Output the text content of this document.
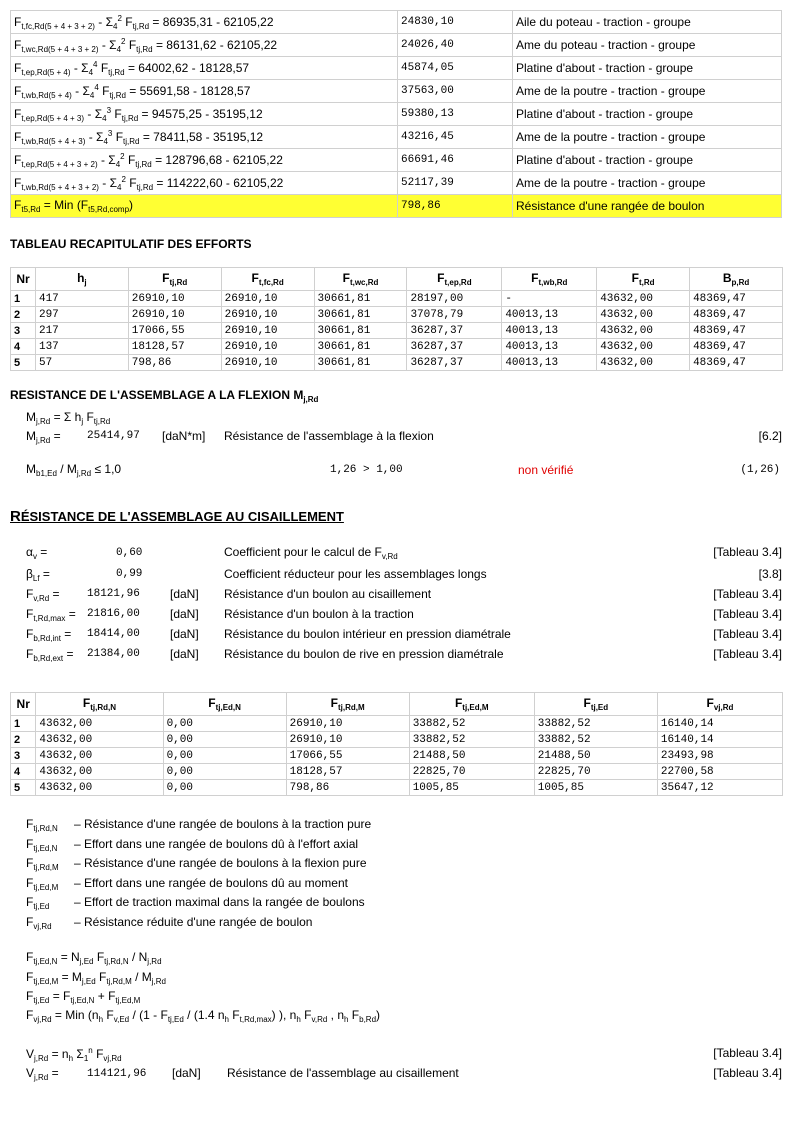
$F_{t,fc,Rd(5 + 4 + 3 + 2)} - \Sigma_4^2$ $F_{tj,Rd} = 86935,31 - 62105,22$	24830,10	Aile du poteau - traction - groupe
$F_{t,wc,Rd(5 + 4 + 3 + 2)} - \Sigma_4^2$ $F_{tj,Rd} = 86131,62 - 62105,22$	24026,40	Ame du poteau - traction - groupe
$F_{t,ep,Rd(5 + 4)} - \Sigma_4^4$ $F_{tj,Rd} = 64002,62 - 18128,57$	45874,05	Platine d'about - traction - groupe
$F_{t,wb,Rd(5 + 4)} - \Sigma_4^4$ $F_{tj,Rd} = 55691,58 - 18128,57$	37563,00	Ame de la poutre - traction - groupe
$F_{t,ep,Rd(5 + 4 + 3)} - \Sigma_4^3$ $F_{tj,Rd} = 94575,25 - 35195,12$	59380,13	Platine d'about - traction - groupe
$F_{t,wb,Rd(5 + 4 + 3)} - \Sigma_4^3$ $F_{tj,Rd} = 78411,58 - 35195,12$	43216,45	Ame de la poutre - traction - groupe
$F_{t,ep,Rd(5 + 4 + 3 + 2)} - \Sigma_4^2$ $F_{tj,Rd} = 128796,68 - 62105,22$	66691,46	Platine d'about - traction - groupe
$F_{t,wb,Rd(5 + 4 + 3 + 2)} - \Sigma_4^2$ $F_{tj,Rd} = 114222,60 - 62105,22$	52117,39	Ame de la poutre - traction - groupe
$F_{t5,Rd}$ = Min $(F_{t5,Rd,comp})$	798,86	Résistance d'une rangée de boulon
TABLEAU RECAPITULATIF DES EFFORTS
Nr	$h_j$	$F_{tj,Rd}$	$F_{t,fc,Rd}$	$F_{t,wc,Rd}$	$F_{t,ep,Rd}$	$F_{t,wb,Rd}$	$F_{t,Rd}$	$B_{p,Rd}$
1	417	26910,10	26910,10	30661,81	28197,00	-	43632,00	48369,47
2	297	26910,10	26910,10	30661,81	37078,79	40013,13	43632,00	48369,47
3	217	17066,55	26910,10	30661,81	36287,37	40013,13	43632,00	48369,47
4	137	18128,57	26910,10	30661,81	36287,37	40013,13	43632,00	48369,47
5	57	798,86	26910,10	30661,81	36287,37	40013,13	43632,00	48369,47
RESISTANCE DE L'ASSEMBLAGE A LA FLEXION $M_{j,Rd}$
$M_{j,Rd} = \Sigma$ $h_j$ $F_{tj,Rd}$
$M_{j,Rd} = 25414,97$ [daN*m] Résistance de l'assemblage à la flexion	[6.2]
$M_{b1,Ed} / M_{j,Rd} \le 1,0$	1,26 > 1,00	non vérifié	(1,26)
RÉSISTANCE DE L'ASSEMBLAGE AU CISAILLEMENT
$\alpha_v$ =	0,60	Coefficient pour le calcul de $F_{v,Rd}$	[Tableau 3.4]
$\beta_{Lf}$ =	0,99	Coefficient réducteur pour les assemblages longs	[3.8]
$F_{v,Rd} = 18121,96$	[daN] Résistance d'un boulon au cisaillement	[Tableau 3.4]
$F_{t,Rd,max} = 21816,00$	[daN] Résistance d'un boulon à la traction	[Tableau 3.4]
$F_{b,Rd,int} = 18414,00$	[daN] Résistance du boulon intérieur en pression diamétrale	[Tableau 3.4]
$F_{b,Rd,ext} = 21384,00$	[daN] Résistance du boulon de rive en pression diamétrale	[Tableau 3.4]
Nr	$F_{tj,Rd,N}$	$F_{tj,Ed,N}$	$F_{tj,Rd,M}$	$F_{tj,Ed,M}$	$F_{tj,Ed}$	$F_{vj,Rd}$
1	43632,00	0,00	26910,10	33882,52	33882,52	16140,14
2	43632,00	0,00	26910,10	33882,52	33882,52	16140,14
3	43632,00	0,00	17066,55	21488,50	21488,50	23493,98
4	43632,00	0,00	18128,57	22825,70	22825,70	22700,58
5	43632,00	0,00	798,86	1005,85	1005,85	35647,12
$F_{tj,Rd,N}$ – Résistance d'une rangée de boulons à la traction pure
$F_{tj,Ed,N}$ – Effort dans une rangée de boulons dû à l'effort axial
$F_{tj,Rd,M}$ – Résistance d'une rangée de boulons à la flexion pure
$F_{tj,Ed,M}$ – Effort dans une rangée de boulons dû au moment
$F_{tj,Ed}$ – Effort de traction maximal dans la rangée de boulons
$F_{vj,Rd}$ – Résistance réduite d'une rangée de boulon
$F_{tj,Ed,N} = N_{j,Ed}$ $F_{tj,Rd,N} / N_{j,Rd}$
$F_{tj,Ed,M} = M_{j,Ed}$ $F_{tj,Rd,M} / M_{j,Rd}$
$F_{tj,Ed} = F_{tj,Ed,N} + F_{tj,Ed,M}$
$F_{vj,Rd}$ = Min ($n_h$ $F_{v,Ed} / (1 - F_{tj,Ed} / (1.4$ $n_h$ $F_{t,Rd,max}$) ), $n_h$ $F_{v,Rd}$ , $n_h$ $F_{b,Rd}$)
$V_{j,Rd} = n_h$ $\Sigma_1^n$ $F_{vj,Rd}$	[Tableau 3.4]
$V_{j,Rd}$ =	114121,96 [daN] Résistance de l'assemblage au cisaillement	[Tableau 3.4]
